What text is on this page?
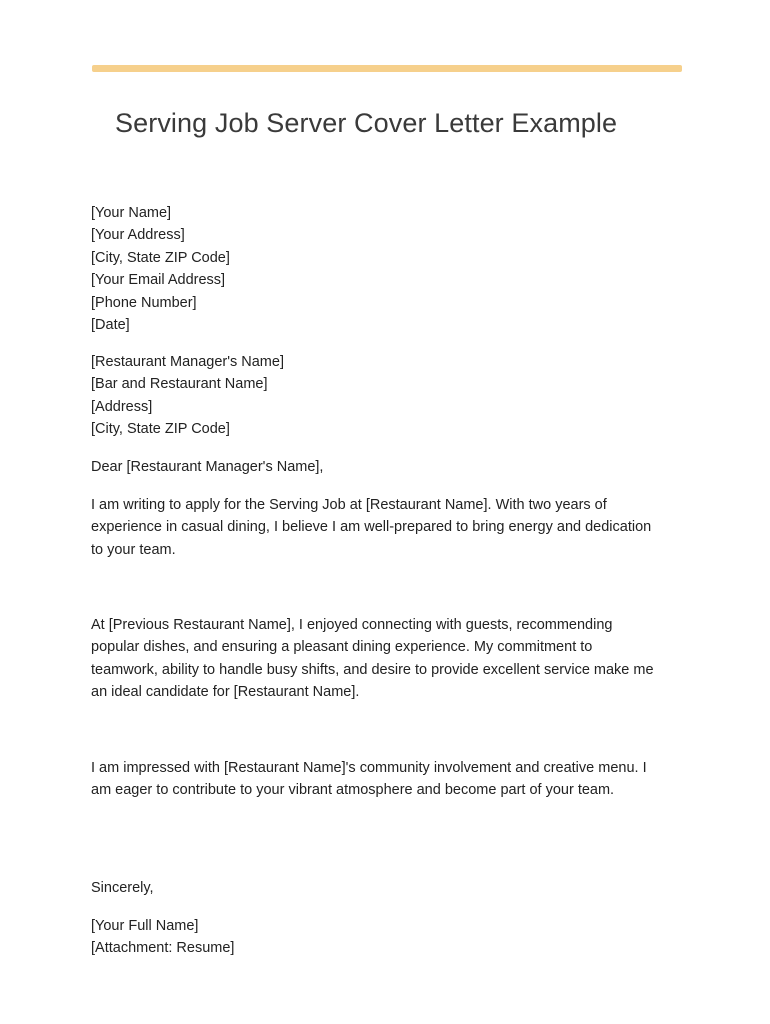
Serving Job Server Cover Letter Example
[Your Name]
[Your Address]
[City, State ZIP Code]
[Your Email Address]
[Phone Number]
[Date]
[Restaurant Manager's Name]
[Bar and Restaurant Name]
[Address]
[City, State ZIP Code]
Dear [Restaurant Manager's Name],

I am writing to apply for the Serving Job at [Restaurant Name]. With two years of experience in casual dining, I believe I am well-prepared to bring energy and dedication to your team.

At [Previous Restaurant Name], I enjoyed connecting with guests, recommending popular dishes, and ensuring a pleasant dining experience. My commitment to teamwork, ability to handle busy shifts, and desire to provide excellent service make me an ideal candidate for [Restaurant Name].

I am impressed with [Restaurant Name]'s community involvement and creative menu. I am eager to contribute to your vibrant atmosphere and become part of your team.

Sincerely,
[Your Full Name]
[Attachment: Resume]
